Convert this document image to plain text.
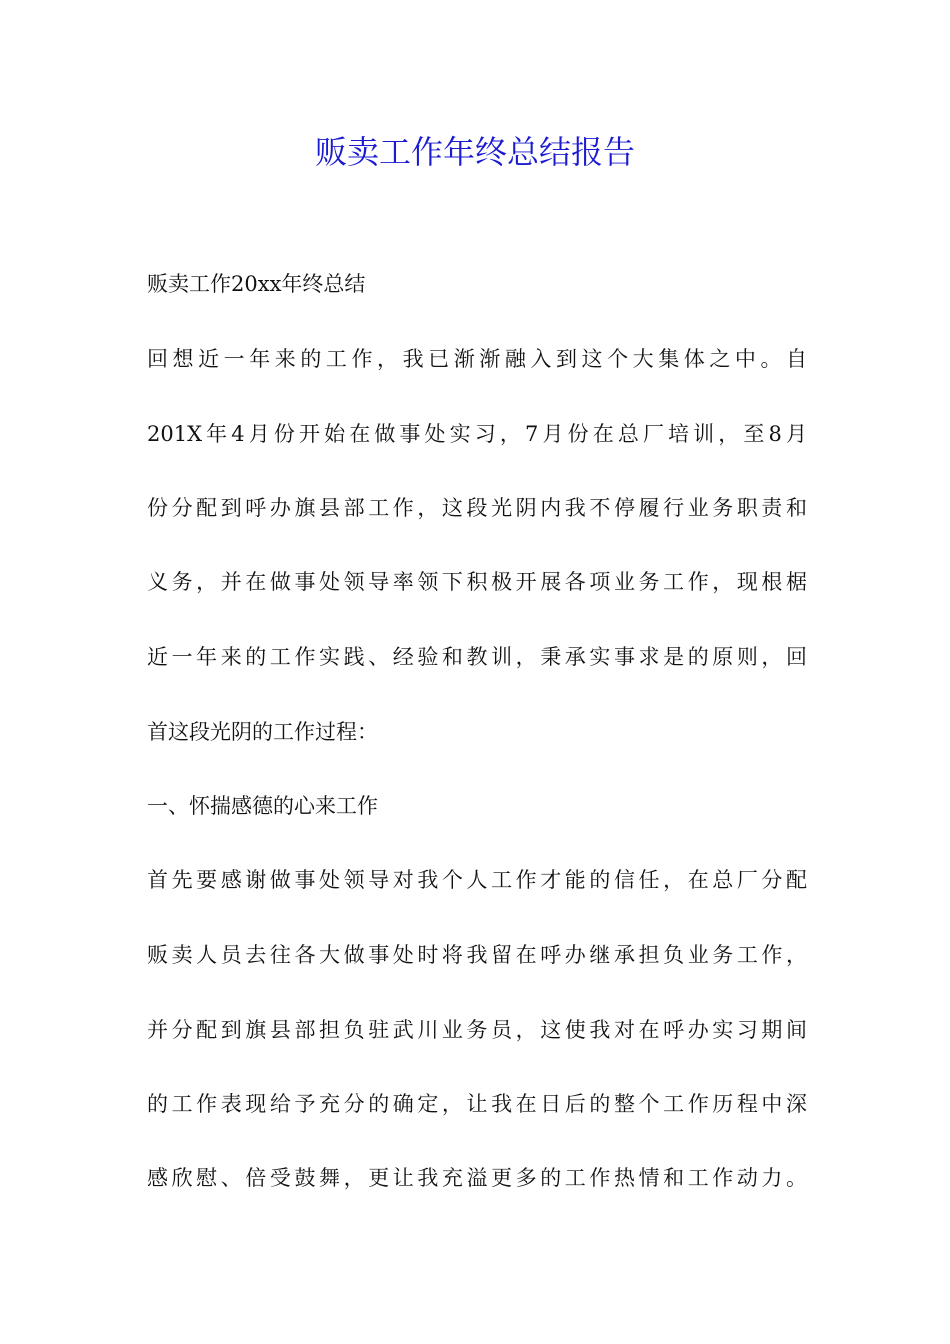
贩卖工作年终总结报告
贩卖工作20xx年终总结
回想近一年来的工作，我已渐渐融入到这个大集体之中。自
201X年4月份开始在做事处实习，7月份在总厂培训，至8月
份分配到呼办旗县部工作，这段光阴内我不停履行业务职责和
义务，并在做事处领导率领下积极开展各项业务工作，现根椐
近一年来的工作实践、经验和教训，秉承实事求是的原则，回
首这段光阴的工作过程：
一、怀揣感德的心来工作
首先要感谢做事处领导对我个人工作才能的信任，在总厂分配
贩卖人员去往各大做事处时将我留在呼办继承担负业务工作，
并分配到旗县部担负驻武川业务员，这使我对在呼办实习期间
的工作表现给予充分的确定，让我在日后的整个工作历程中深
感欣慰、倍受鼓舞，更让我充溢更多的工作热情和工作动力。
